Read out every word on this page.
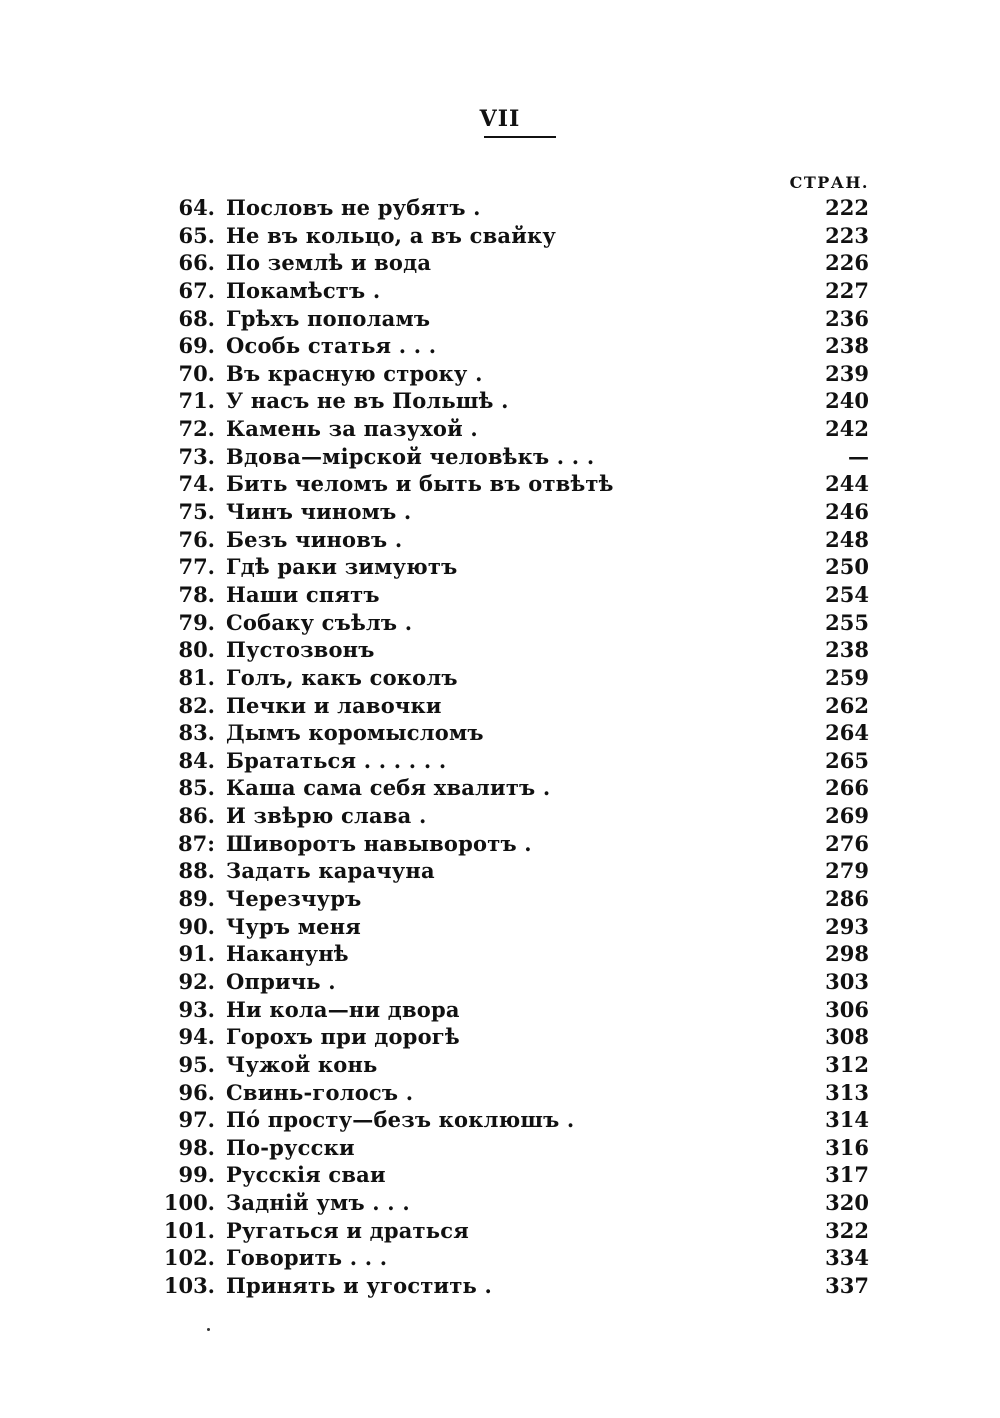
VII
СТРАН.
64. Пословъ не рубятъ .	222
65. Не въ кольцо, а въ свайку	223
66. По землѣ и вода	226
67. Покамѣстъ .	227
68. Грѣхъ пополамъ	236
69. Особь статья . . .	238
70. Въ красную строку .	239
71. У насъ не въ Польшѣ .	240
72. Камень за пазухой .	242
73. Вдова—мірской человѣкъ . . .	—
74. Бить челомъ и быть въ отвѣтѣ	244
75. Чинъ чиномъ .	246
76. Безъ чиновъ .	248
77. Гдѣ раки зимуютъ	250
78. Наши спятъ	254
79. Собаку съѣлъ .	255
80. Пустозвонъ	238
81. Голъ, какъ соколъ	259
82. Печки и лавочки	262
83. Дымъ коромысломъ	264
84. Брататься . . . . . .	265
85. Каша сама себя хвалитъ .	266
86. И звѣрю слава .	269
87: Шиворотъ навыворотъ .	276
88. Задать карачуна	279
89. Черезчуръ	286
90. Чуръ меня	293
91. Наканунѣ	298
92. Опричь .	303
93. Ни кола—ни двора	306
94. Горохъ при дорогѣ	308
95. Чужой конь	312
96. Свинь-голосъ .	313
97. По́ просту—безъ коклюшъ .	314
98. По-русски	316
99. Русскія сваи	317
100. Заднiй умъ . . .	320
101. Ругаться и драться	322
102. Говорить . . .	334
103. Принять и угостить .	337
